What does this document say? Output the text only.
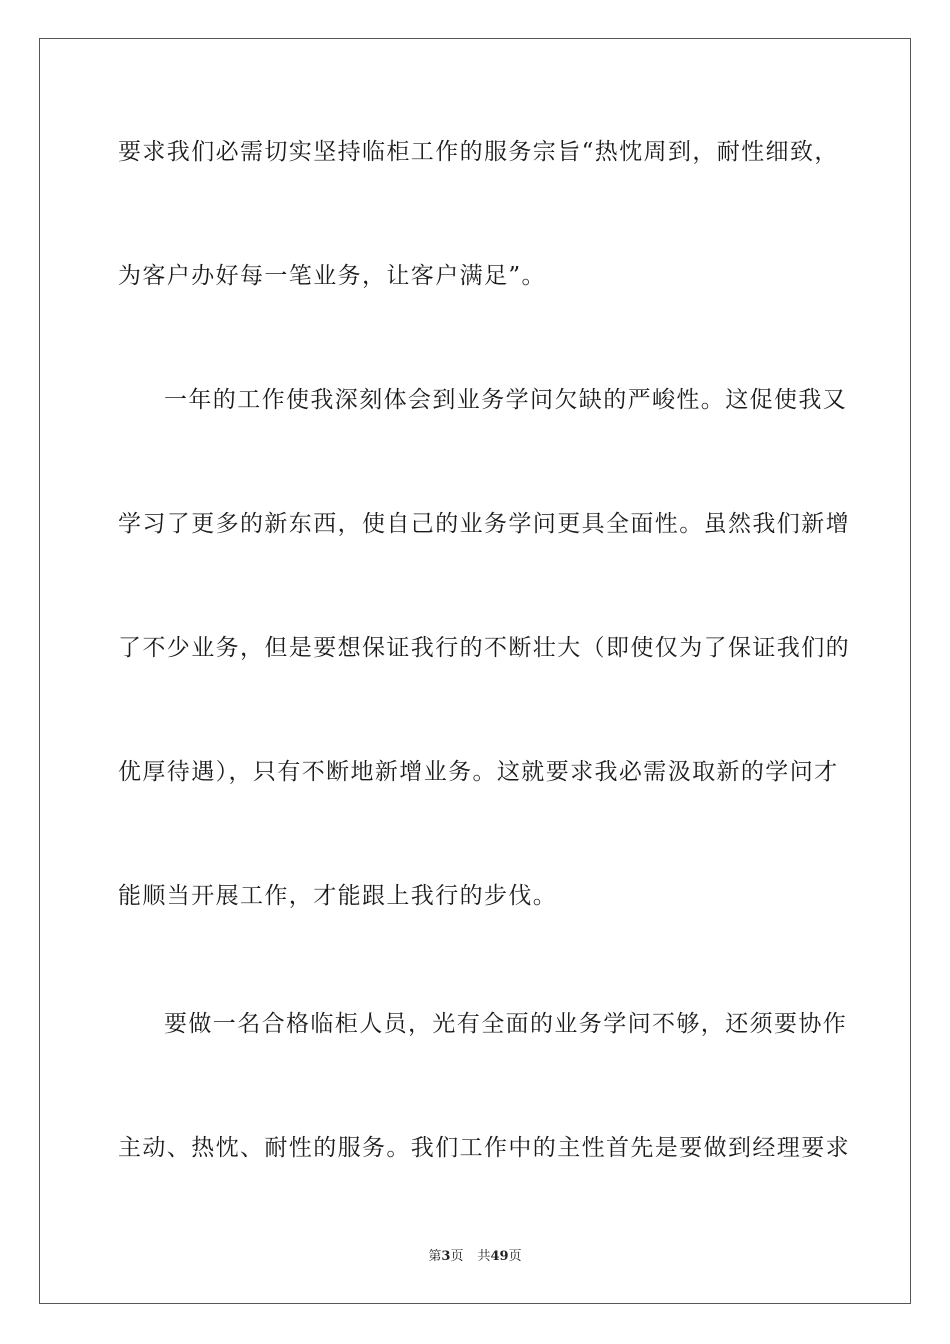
要求我们必需切实坚持临柜工作的服务宗旨“热忱周到，耐性细致，
为客户办好每一笔业务，让客户满足”。
一年的工作使我深刻体会到业务学问欠缺的严峻性。这促使我又
学习了更多的新东西，使自己的业务学问更具全面性。虽然我们新增
了不少业务，但是要想保证我行的不断壮大（即使仅为了保证我们的
优厚待遇），只有不断地新增业务。这就要求我必需汲取新的学问才
能顺当开展工作，才能跟上我行的步伐。
要做一名合格临柜人员，光有全面的业务学问不够，还须要协作
主动、热忱、耐性的服务。我们工作中的主性首先是要做到经理要求
第3页 共49页
